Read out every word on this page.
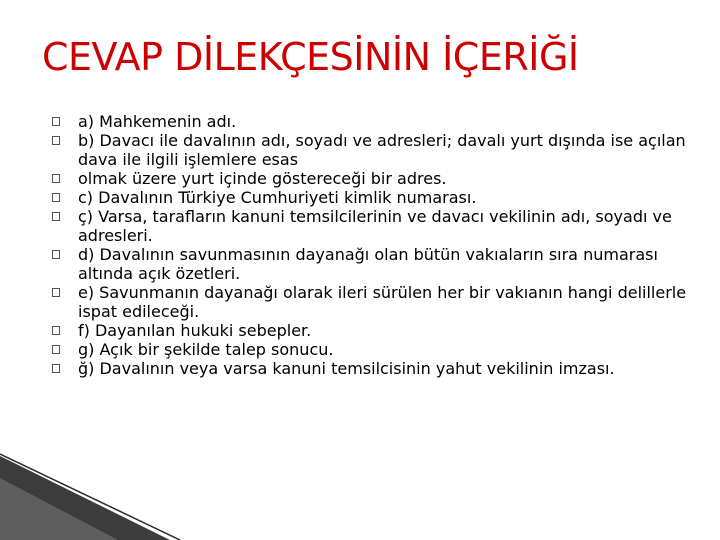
CEVAP DİLEKÇESİNİN İÇERİĞİ
a) Mahkemenin adı.
b) Davacı ile davalının adı, soyadı ve adresleri; davalı yurt dışında ise açılan dava ile ilgili işlemlere esas
olmak üzere yurt içinde göstereceği bir adres.
c) Davalının Türkiye Cumhuriyeti kimlik numarası.
ç) Varsa, tarafların kanuni temsilcilerinin ve davacı vekilinin adı, soyadı ve adresleri.
d) Davalının savunmasının dayanağı olan bütün vakıaların sıra numarası altında açık özetleri.
e) Savunmanın dayanağı olarak ileri sürülen her bir vakıanın hangi delillerle ispat edileceği.
f) Dayanılan hukuki sebepler.
g) Açık bir şekilde talep sonucu.
ğ) Davalının veya varsa kanuni temsilcisinin yahut vekilinin imzası.
